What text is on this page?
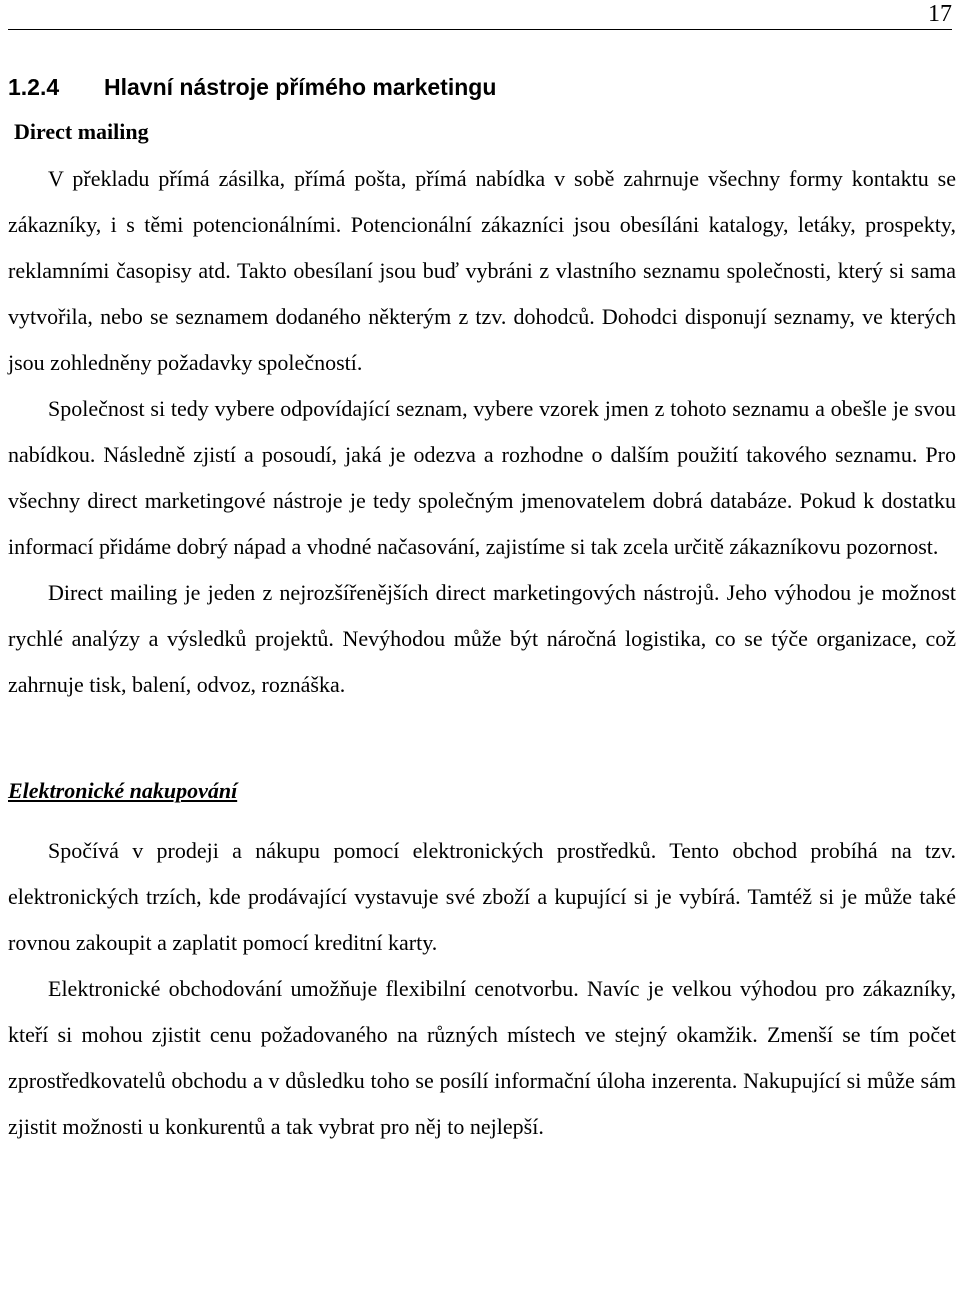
17
1.2.4 Hlavní nástroje přímého marketingu
Direct mailing

V překladu přímá zásilka, přímá pošta, přímá nabídka v sobě zahrnuje všechny formy kontaktu se zákazníky, i s těmi potencionálními. Potencionální zákazníci jsou obesíláni katalogy, letáky, prospekty, reklamními časopisy atd. Takto obesílaní jsou buď vybráni z vlastního seznamu společnosti, který si sama vytvořila, nebo se seznamem dodaného některým z tzv. dohodců. Dohodci disponují seznamy, ve kterých jsou zohledněny požadavky společností.

Společnost si tedy vybere odpovídající seznam, vybere vzorek jmen z tohoto seznamu a obešle je svou nabídkou. Následně zjistí a posoudí, jaká je odezva a rozhodne o dalším použití takového seznamu. Pro všechny direct marketingové nástroje je tedy společným jmenovatelem dobrá databáze. Pokud k dostatku informací přidáme dobrý nápad a vhodné načasování, zajistíme si tak zcela určitě zákazníkovu pozornost.

Direct mailing je jeden z nejrozšířenějších direct marketingových nástrojů. Jeho výhodou je možnost rychlé analýzy a výsledků projektů. Nevýhodou může být náročná logistika, co se týče organizace, což zahrnuje tisk, balení, odvoz, roznáška.

Elektronické nakupování

Spočívá v prodeji a nákupu pomocí elektronických prostředků. Tento obchod probíhá na tzv. elektronických trzích, kde prodávající vystavuje své zboží a kupující si je vybírá. Tamtéž si je může také rovnou zakoupit a zaplatit pomocí kreditní karty.

Elektronické obchodování umožňuje flexibilní cenotvorbu. Navíc je velkou výhodou pro zákazníky, kteří si mohou zjistit cenu požadovaného na různých místech ve stejný okamžik. Zmenší se tím počet zprostředkovatelů obchodu a v důsledku toho se posílí informační úloha inzerenta. Nakupující si může sám zjistit možnosti u konkurentů a tak vybrat pro něj to nejlepší.
